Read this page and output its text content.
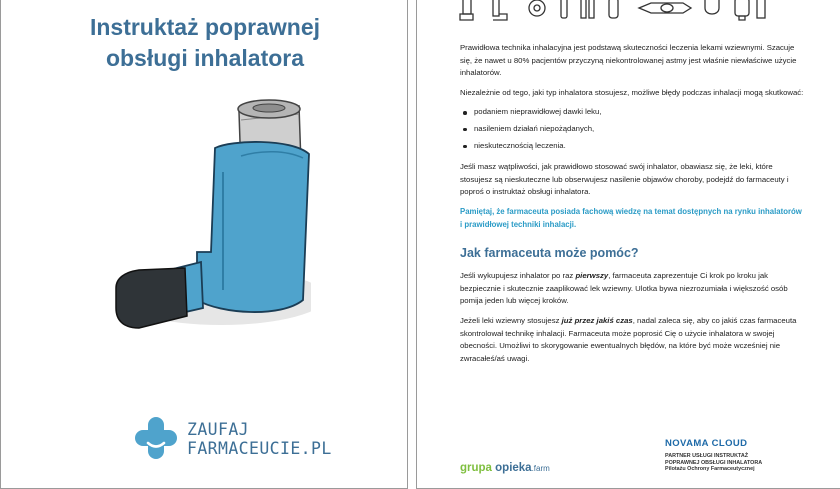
Instruktaż poprawnej
obsługi inhalatora
ZAUFAJ
FARMACEUCIE.PL

Prawidłowa technika inhalacyjna jest podstawą skuteczności leczenia lekami wziewnymi. Szacuje się, że nawet u 80% pacjentów przyczyną niekontrolowanej astmy jest właśnie niewłaściwe użycie inhalatorów.

Niezależnie od tego, jaki typ inhalatora stosujesz, możliwe błędy podczas inhalacji mogą skutkować:

podaniem nieprawidłowej dawki leku,
nasileniem działań niepożądanych,
nieskutecznością leczenia.

Jeśli masz wątpliwości, jak prawidłowo stosować swój inhalator, obawiasz się, że leki, które stosujesz są nieskuteczne lub obserwujesz nasilenie objawów choroby, podejdź do farmaceuty i poproś o instruktaż obsługi inhalatora.

Pamiętaj, że farmaceuta posiada fachową wiedzę na temat dostępnych na rynku inhalatorów i prawidłowej techniki inhalacji.

Jak farmaceuta może pomóc?

Jeśli wykupujesz inhalator po raz pierwszy, farmaceuta zaprezentuje Ci krok po kroku jak bezpiecznie i skutecznie zaaplikować lek wziewny. Ulotka bywa niezrozumiała i większość osób pomija jeden lub więcej kroków.

Jeżeli leki wziewny stosujesz już przez jakiś czas, nadal zaleca się, aby co jakiś czas farmaceuta skontrolował technikę inhalacji. Farmaceuta może poprosić Cię o użycie inhalatora w swojej obecności. Umożliwi to skorygowanie ewentualnych błędów, na które być może wcześniej nie zwracałeś/aś uwagi.

grupa opieka.farm
NOVAMA CLOUD
PARTNER USŁUGI INSTRUKTAŻ
POPRAWNEJ OBSŁUGI INHALATORA
Pilotażu Ochrony Farmaceutycznej
